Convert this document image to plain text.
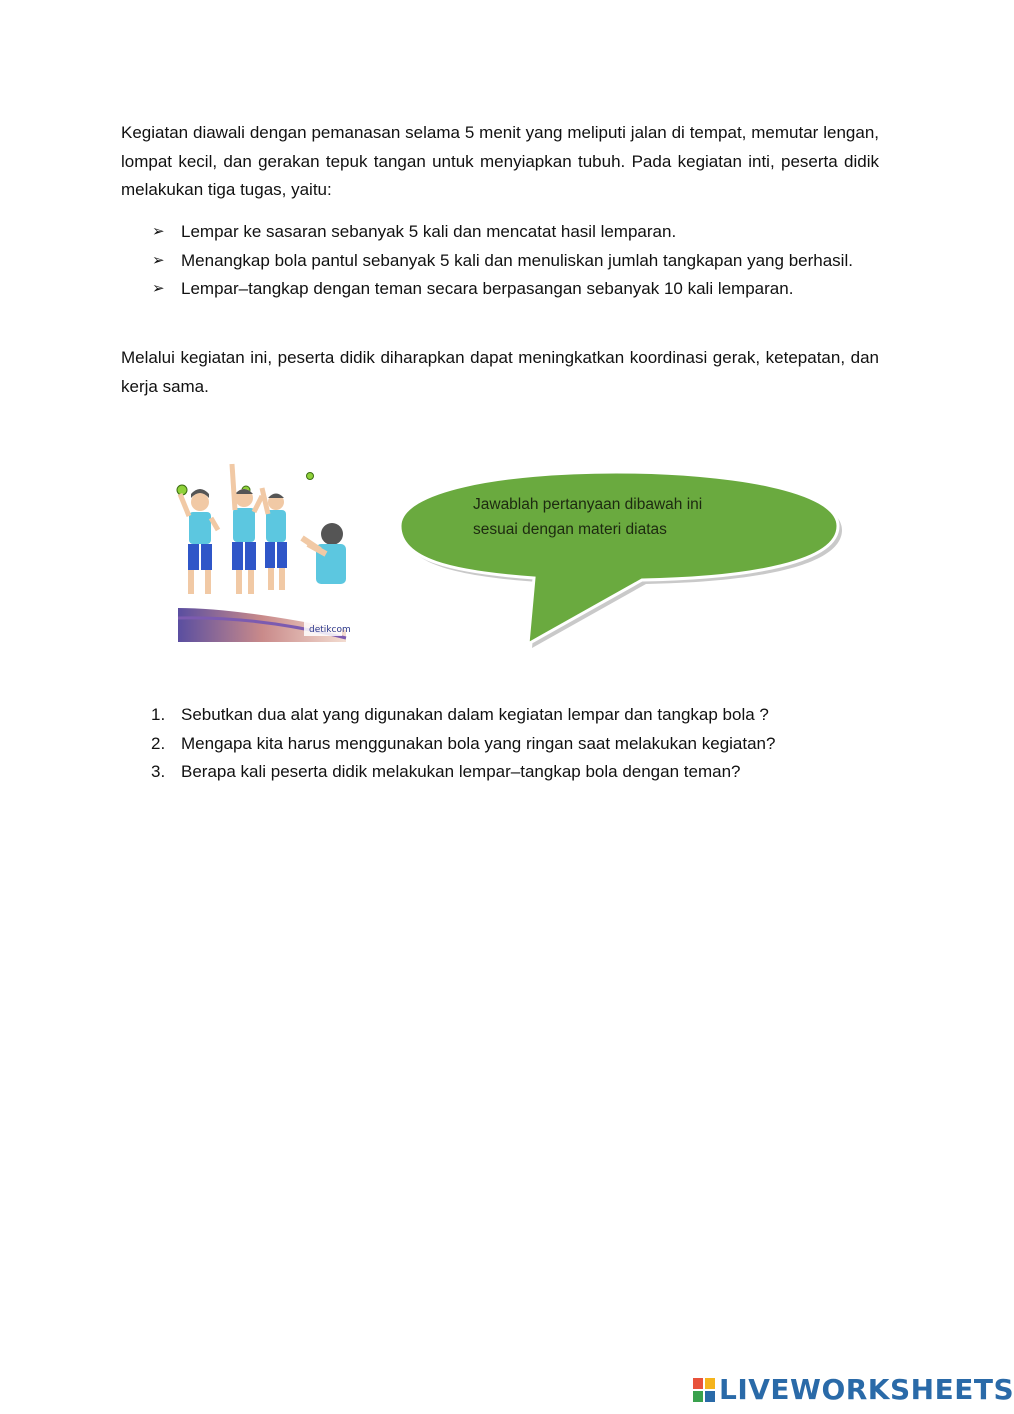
Kegiatan diawali dengan pemanasan selama 5 menit yang meliputi jalan di tempat, memutar lengan, lompat kecil, dan gerakan tepuk tangan untuk menyiapkan tubuh. Pada kegiatan inti, peserta didik melakukan tiga tugas, yaitu:

➢ Lempar ke sasaran sebanyak 5 kali dan mencatat hasil lemparan.
➢ Menangkap bola pantul sebanyak 5 kali dan menuliskan jumlah tangkapan yang berhasil.
➢ Lempar–tangkap dengan teman secara berpasangan sebanyak 10 kali lemparan.

Melalui kegiatan ini, peserta didik diharapkan dapat meningkatkan koordinasi gerak, ketepatan, dan kerja sama.

detikcom
Jawablah pertanyaan dibawah ini sesuai dengan materi diatas
1. Sebutkan dua alat yang digunakan dalam kegiatan lempar dan tangkap bola ?
2. Mengapa kita harus menggunakan bola yang ringan saat melakukan kegiatan?
3. Berapa kali peserta didik melakukan lempar–tangkap bola dengan teman?
LIVEWORKSHEETS
